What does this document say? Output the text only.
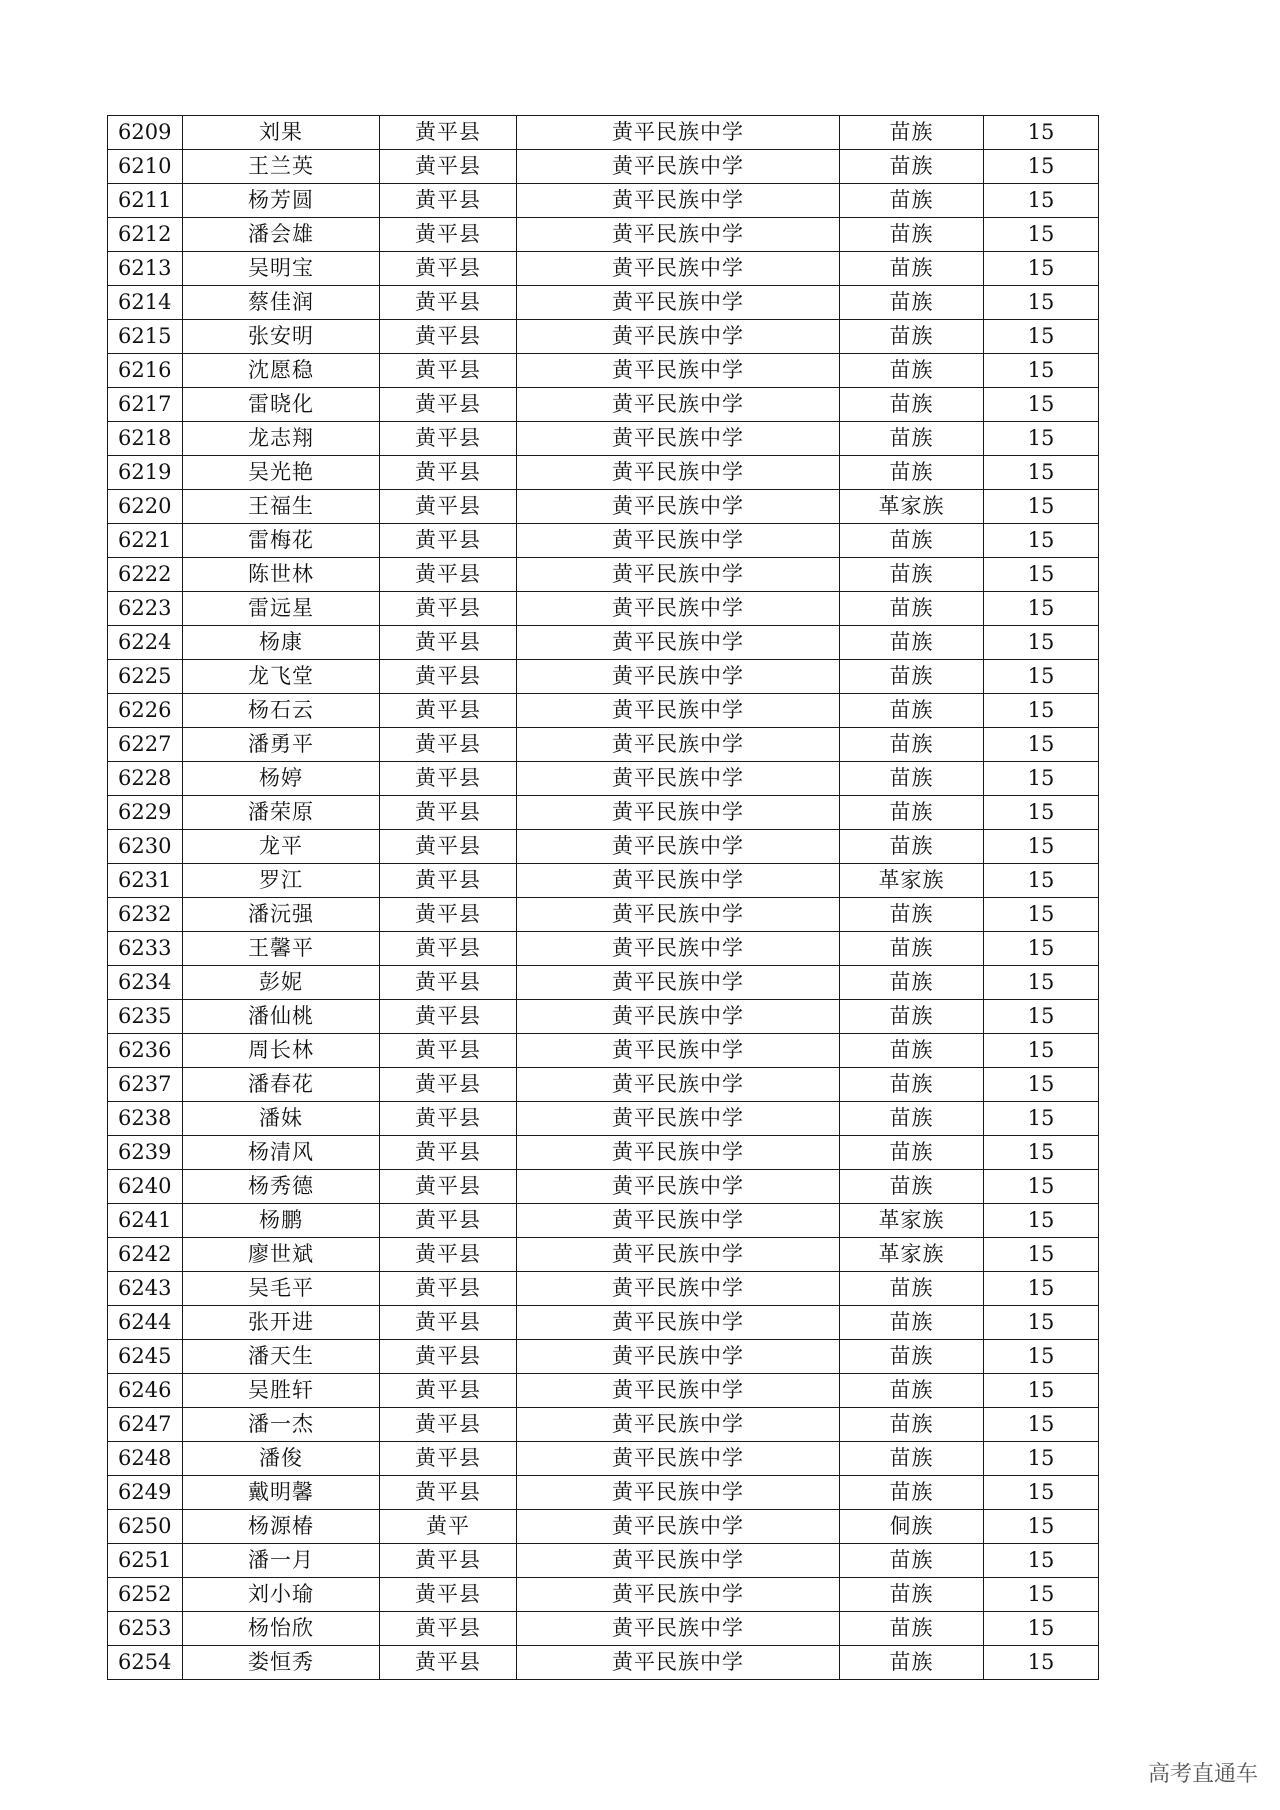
6209	刘果	黄平县	黄平民族中学	苗族	15
6210	王兰英	黄平县	黄平民族中学	苗族	15
6211	杨芳圆	黄平县	黄平民族中学	苗族	15
6212	潘会雄	黄平县	黄平民族中学	苗族	15
6213	吴明宝	黄平县	黄平民族中学	苗族	15
6214	蔡佳润	黄平县	黄平民族中学	苗族	15
6215	张安明	黄平县	黄平民族中学	苗族	15
6216	沈愿稳	黄平县	黄平民族中学	苗族	15
6217	雷晓化	黄平县	黄平民族中学	苗族	15
6218	龙志翔	黄平县	黄平民族中学	苗族	15
6219	吴光艳	黄平县	黄平民族中学	苗族	15
6220	王福生	黄平县	黄平民族中学	革家族	15
6221	雷梅花	黄平县	黄平民族中学	苗族	15
6222	陈世林	黄平县	黄平民族中学	苗族	15
6223	雷远星	黄平县	黄平民族中学	苗族	15
6224	杨康	黄平县	黄平民族中学	苗族	15
6225	龙飞堂	黄平县	黄平民族中学	苗族	15
6226	杨石云	黄平县	黄平民族中学	苗族	15
6227	潘勇平	黄平县	黄平民族中学	苗族	15
6228	杨婷	黄平县	黄平民族中学	苗族	15
6229	潘荣原	黄平县	黄平民族中学	苗族	15
6230	龙平	黄平县	黄平民族中学	苗族	15
6231	罗江	黄平县	黄平民族中学	革家族	15
6232	潘沅强	黄平县	黄平民族中学	苗族	15
6233	王馨平	黄平县	黄平民族中学	苗族	15
6234	彭妮	黄平县	黄平民族中学	苗族	15
6235	潘仙桃	黄平县	黄平民族中学	苗族	15
6236	周长林	黄平县	黄平民族中学	苗族	15
6237	潘春花	黄平县	黄平民族中学	苗族	15
6238	潘妹	黄平县	黄平民族中学	苗族	15
6239	杨清风	黄平县	黄平民族中学	苗族	15
6240	杨秀德	黄平县	黄平民族中学	苗族	15
6241	杨鹏	黄平县	黄平民族中学	革家族	15
6242	廖世斌	黄平县	黄平民族中学	革家族	15
6243	吴毛平	黄平县	黄平民族中学	苗族	15
6244	张开进	黄平县	黄平民族中学	苗族	15
6245	潘天生	黄平县	黄平民族中学	苗族	15
6246	吴胜轩	黄平县	黄平民族中学	苗族	15
6247	潘一杰	黄平县	黄平民族中学	苗族	15
6248	潘俊	黄平县	黄平民族中学	苗族	15
6249	戴明馨	黄平县	黄平民族中学	苗族	15
6250	杨源椿	黄平	黄平民族中学	侗族	15
6251	潘一月	黄平县	黄平民族中学	苗族	15
6252	刘小瑜	黄平县	黄平民族中学	苗族	15
6253	杨怡欣	黄平县	黄平民族中学	苗族	15
6254	娄恒秀	黄平县	黄平民族中学	苗族	15
高考直通车
